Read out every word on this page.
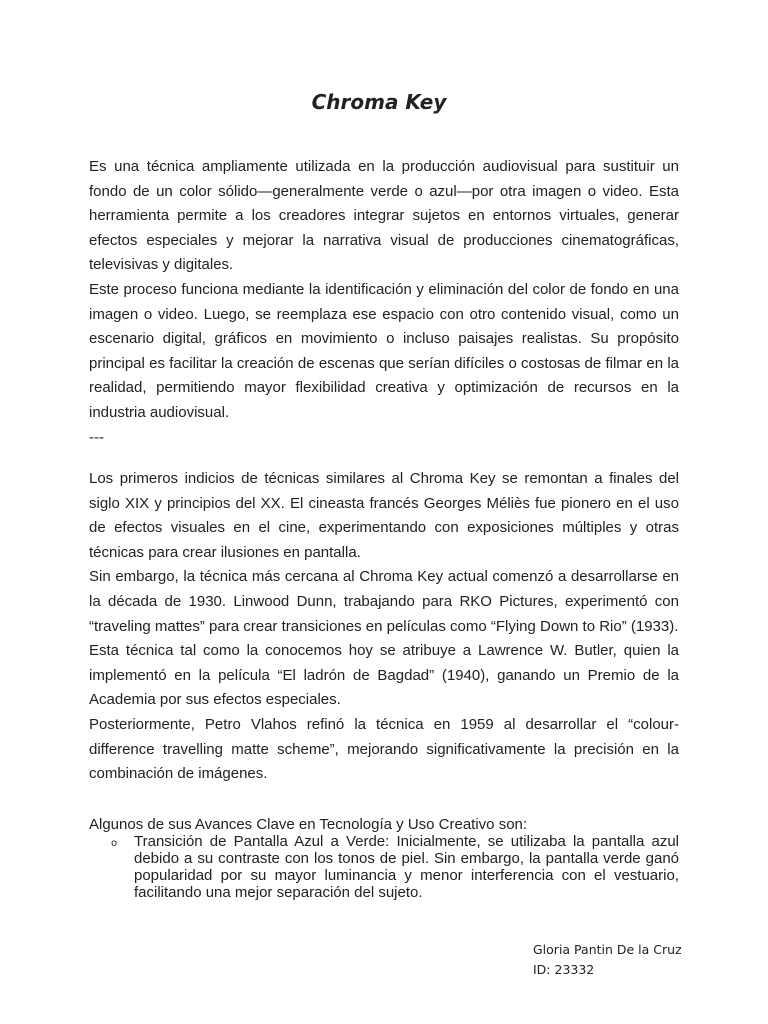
Chroma Key

Es una técnica ampliamente utilizada en la producción audiovisual para sustituir un fondo de un color sólido—generalmente verde o azul—por otra imagen o video. Esta herramienta permite a los creadores integrar sujetos en entornos virtuales, generar efectos especiales y mejorar la narrativa visual de producciones cinematográficas, televisivas y digitales.

Este proceso funciona mediante la identificación y eliminación del color de fondo en una imagen o video. Luego, se reemplaza ese espacio con otro contenido visual, como un escenario digital, gráficos en movimiento o incluso paisajes realistas. Su propósito principal es facilitar la creación de escenas que serían difíciles o costosas de filmar en la realidad, permitiendo mayor flexibilidad creativa y optimización de recursos en la industria audiovisual.

---

Los primeros indicios de técnicas similares al Chroma Key se remontan a finales del siglo XIX y principios del XX. El cineasta francés Georges Méliès fue pionero en el uso de efectos visuales en el cine, experimentando con exposiciones múltiples y otras técnicas para crear ilusiones en pantalla.

Sin embargo, la técnica más cercana al Chroma Key actual comenzó a desarrollarse en la década de 1930. Linwood Dunn, trabajando para RKO Pictures, experimentó con “traveling mattes” para crear transiciones en películas como “Flying Down to Rio” (1933).

Esta técnica tal como la conocemos hoy se atribuye a Lawrence W. Butler, quien la implementó en la película “El ladrón de Bagdad” (1940), ganando un Premio de la Academia por sus efectos especiales.

Posteriormente, Petro Vlahos refinó la técnica en 1959 al desarrollar el “colour-difference travelling matte scheme”, mejorando significativamente la precisión en la combinación de imágenes.

Algunos de sus Avances Clave en Tecnología y Uso Creativo son:

o Transición de Pantalla Azul a Verde: Inicialmente, se utilizaba la pantalla azul debido a su contraste con los tonos de piel. Sin embargo, la pantalla verde ganó popularidad por su mayor luminancia y menor interferencia con el vestuario, facilitando una mejor separación del sujeto.
Gloria Pantin De la Cruz
ID: 23332
